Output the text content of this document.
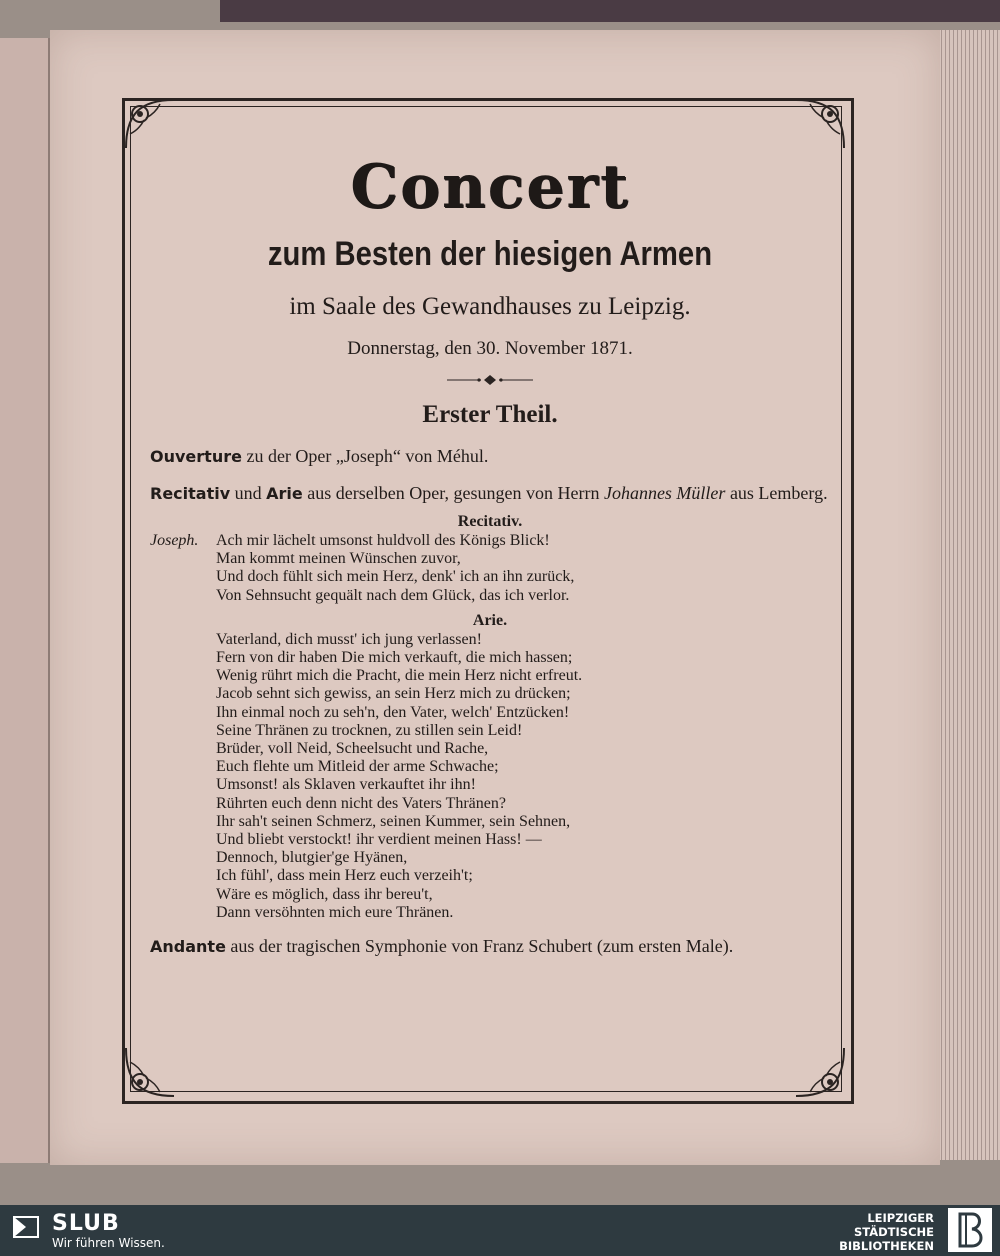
Concert
zum Besten der hiesigen Armen
im Saale des Gewandhauses zu Leipzig.
Donnerstag, den 30. November 1871.
Erster Theil.
Ouverture zu der Oper „Joseph“ von Méhul.
Recitativ und Arie aus derselben Oper, gesungen von Herrn Johannes Müller aus Lemberg.
Recitativ.
Joseph.	Ach mir lächelt umsonst huldvoll des Königs Blick!
Man kommt meinen Wünschen zuvor,
Und doch fühlt sich mein Herz, denk' ich an ihn zurück,
Von Sehnsucht gequält nach dem Glück, das ich verlor.
Arie.
Vaterland, dich musst' ich jung verlassen!
Fern von dir haben Die mich verkauft, die mich hassen;
Wenig rührt mich die Pracht, die mein Herz nicht erfreut.
Jacob sehnt sich gewiss, an sein Herz mich zu drücken;
Ihn einmal noch zu seh'n, den Vater, welch' Entzücken!
Seine Thränen zu trocknen, zu stillen sein Leid!
Brüder, voll Neid, Scheelsucht und Rache,
Euch flehte um Mitleid der arme Schwache;
Umsonst! als Sklaven verkauftet ihr ihn!
Rührten euch denn nicht des Vaters Thränen?
Ihr sah't seinen Schmerz, seinen Kummer, sein Sehnen,
Und bliebt verstockt! ihr verdient meinen Hass! —
Dennoch, blutgier'ge Hyänen,
Ich fühl', dass mein Herz euch verzeih't;
Wäre es möglich, dass ihr bereu't,
Dann versöhnten mich eure Thränen.
Andante aus der tragischen Symphonie von Franz Schubert (zum ersten Male).
SLUB
Wir führen Wissen.
LEIPZIGER
STÄDTISCHE
BIBLIOTHEKEN
